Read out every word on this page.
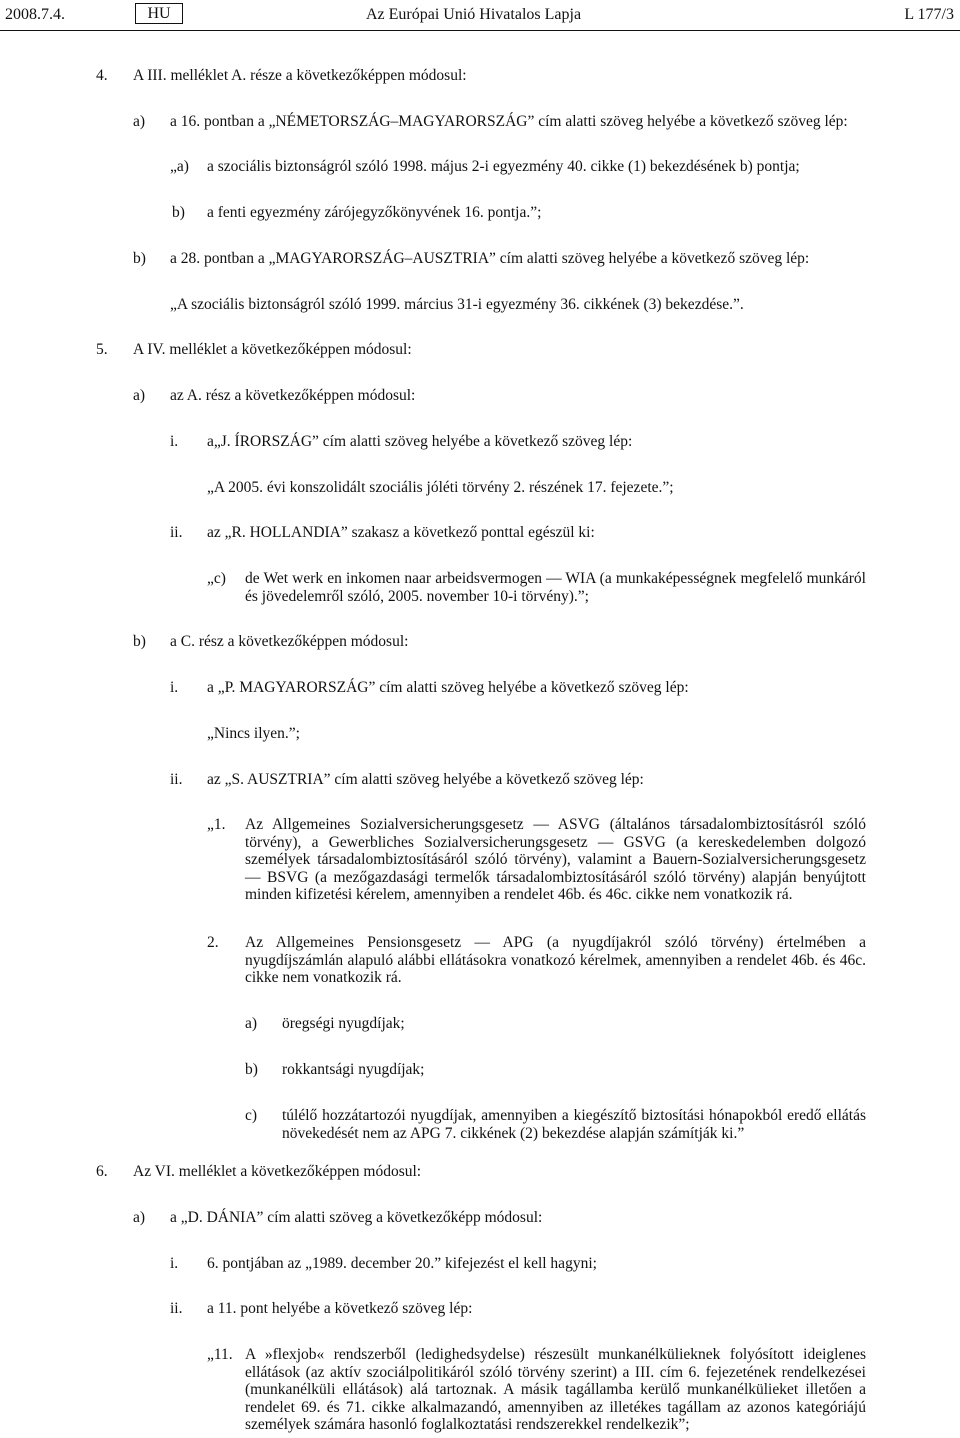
2008.7.4.	HU	Az Európai Unió Hivatalos Lapja	L 177/3
4. A III. melléklet A. része a következőképpen módosul:
a) a 16. pontban a „NÉMETORSZÁG–MAGYARORSZÁG” cím alatti szöveg helyébe a következő szöveg lép:
„a) a szociális biztonságról szóló 1998. május 2-i egyezmény 40. cikke (1) bekezdésének b) pontja;
b) a fenti egyezmény zárójegyzőkönyvének 16. pontja.”;
b) a 28. pontban a „MAGYARORSZÁG–AUSZTRIA” cím alatti szöveg helyébe a következő szöveg lép:
„A szociális biztonságról szóló 1999. március 31-i egyezmény 36. cikkének (3) bekezdése.”.
5. A IV. melléklet a következőképpen módosul:
a) az A. rész a következőképpen módosul:
i. a„J. ÍRORSZÁG” cím alatti szöveg helyébe a következő szöveg lép:
„A 2005. évi konszolidált szociális jóléti törvény 2. részének 17. fejezete.”;
ii. az „R. HOLLANDIA” szakasz a következő ponttal egészül ki:
„c) de Wet werk en inkomen naar arbeidsvermogen — WIA (a munkaképességnek megfelelő munkáról és jövedelemről szóló, 2005. november 10-i törvény).”;
b) a C. rész a következőképpen módosul:
i. a „P. MAGYARORSZÁG” cím alatti szöveg helyébe a következő szöveg lép:
„Nincs ilyen.”;
ii. az „S. AUSZTRIA” cím alatti szöveg helyébe a következő szöveg lép:
„1. Az Allgemeines Sozialversicherungsgesetz — ASVG (általános társadalombiztosításról szóló törvény), a Gewerbliches Sozialversicherungsgesetz — GSVG (a kereskedelemben dolgozó személyek társadalombiztosításáról szóló törvény), valamint a Bauern-Sozialversicherungsgesetz — BSVG (a mezőgazdasági termelők társadalombiztosításáról szóló törvény) alapján benyújtott minden kifizetési kérelem, amennyiben a rendelet 46b. és 46c. cikke nem vonatkozik rá.
2. Az Allgemeines Pensionsgesetz — APG (a nyugdíjakról szóló törvény) értelmében a nyugdíjszámlán alapuló alábbi ellátásokra vonatkozó kérelmek, amennyiben a rendelet 46b. és 46c. cikke nem vonatkozik rá.
a) öregségi nyugdíjak;
b) rokkantsági nyugdíjak;
c) túlélő hozzátartozói nyugdíjak, amennyiben a kiegészítő biztosítási hónapokból eredő ellátás növekedését nem az APG 7. cikkének (2) bekezdése alapján számítják ki.”
6. Az VI. melléklet a következőképpen módosul:
a) a „D. DÁNIA” cím alatti szöveg a következőképp módosul:
i. 6. pontjában az „1989. december 20.” kifejezést el kell hagyni;
ii. a 11. pont helyébe a következő szöveg lép:
„11. A »flexjob« rendszerből (ledighedsydelse) részesült munkanélkülieknek folyósított ideiglenes ellátások (az aktív szociálpolitikáról szóló törvény szerint) a III. cím 6. fejezetének rendelkezései (munkanélküli ellátások) alá tartoznak. A másik tagállamba kerülő munkanélkülieket illetően a rendelet 69. és 71. cikke alkalmazandó, amennyiben az illetékes tagállam az azonos kategóriájú személyek számára hasonló foglalkoztatási rendszerekkel rendelkezik”;
